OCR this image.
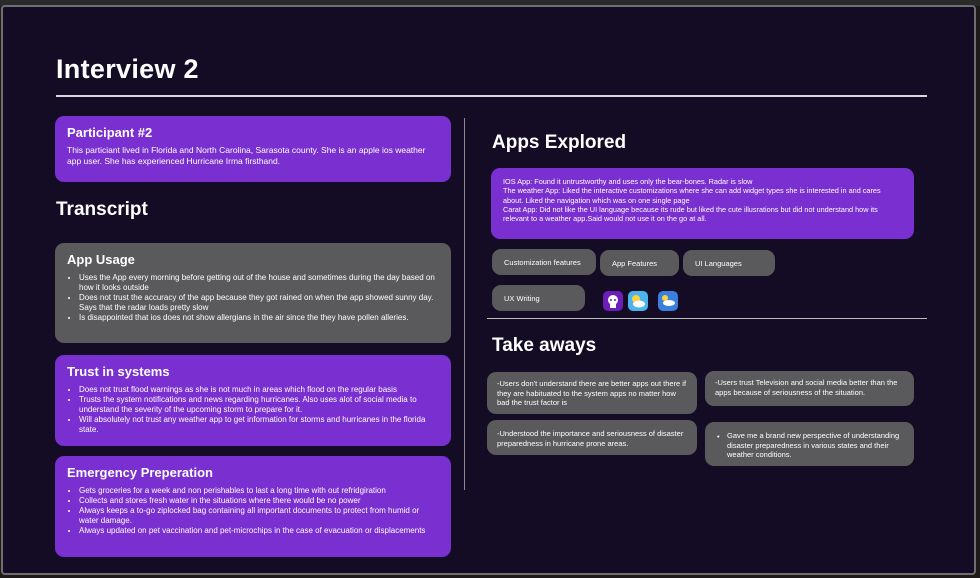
Interview 2
Participant #2

This particiant lived in Florida and North Carolina, Sarasota county. She is an apple ios weather app user. She has experienced Hurricane Irma firsthand.

Transcript
App Usage
• Uses the App every morning before getting out of the house and sometimes during the day based on how it looks outside
• Does not trust the accuracy of the app because they got rained on when the app showed sunny day. Says that the radar loads pretty slow
• Is disappointed that ios does not show allergians in the air since the they have pollen alleries.
Trust in systems
• Does not trust flood warnings as she is not much in areas which flood on the regular basis
• Trusts the system notifications and news regarding hurricanes. Also uses alot of social media to understand the severity of the upcoming storm to prepare for it.
• Will absolutely not trust any weather app to get information for storms and hurricanes in the florida state.
Emergency Preperation
• Gets groceries for a week and non perishables to last a long time with out refridgiration
• Collects and stores fresh water in the situations where there would be no power
• Always keeps a to-go ziplocked bag containing all important documents to protect from humid or water damage.
• Always updated on pet vaccination and pet-microchips in the case of evacuation or displacements
Apps Explored

IOS App: Found it untrustworthy and uses only the bear-bones. Radar is slow

The weather App: Liked the interactive customizations where she can add widget types she is interested in and cares about. Liked the navigation which was on one single page

Carat App: Did not like the UI language because its rude but liked the cute illusrations but did not understand how its relevant to a weather app.Said would not use it on the go at all.

Customization features	App Features	UI Languages
UX Writing
Take aways
-Users don't understand there are better apps out there if they are habituated to the system apps no matter how bad the trust factor is
-Users trust Television and social media better than the apps because of seriousness of the situation.
-Understood the importance and seriousness of disaster preparedness in hurricane prone areas.
• Gave me a brand new perspective of understanding disaster preparedness in various states and their weather conditions.
